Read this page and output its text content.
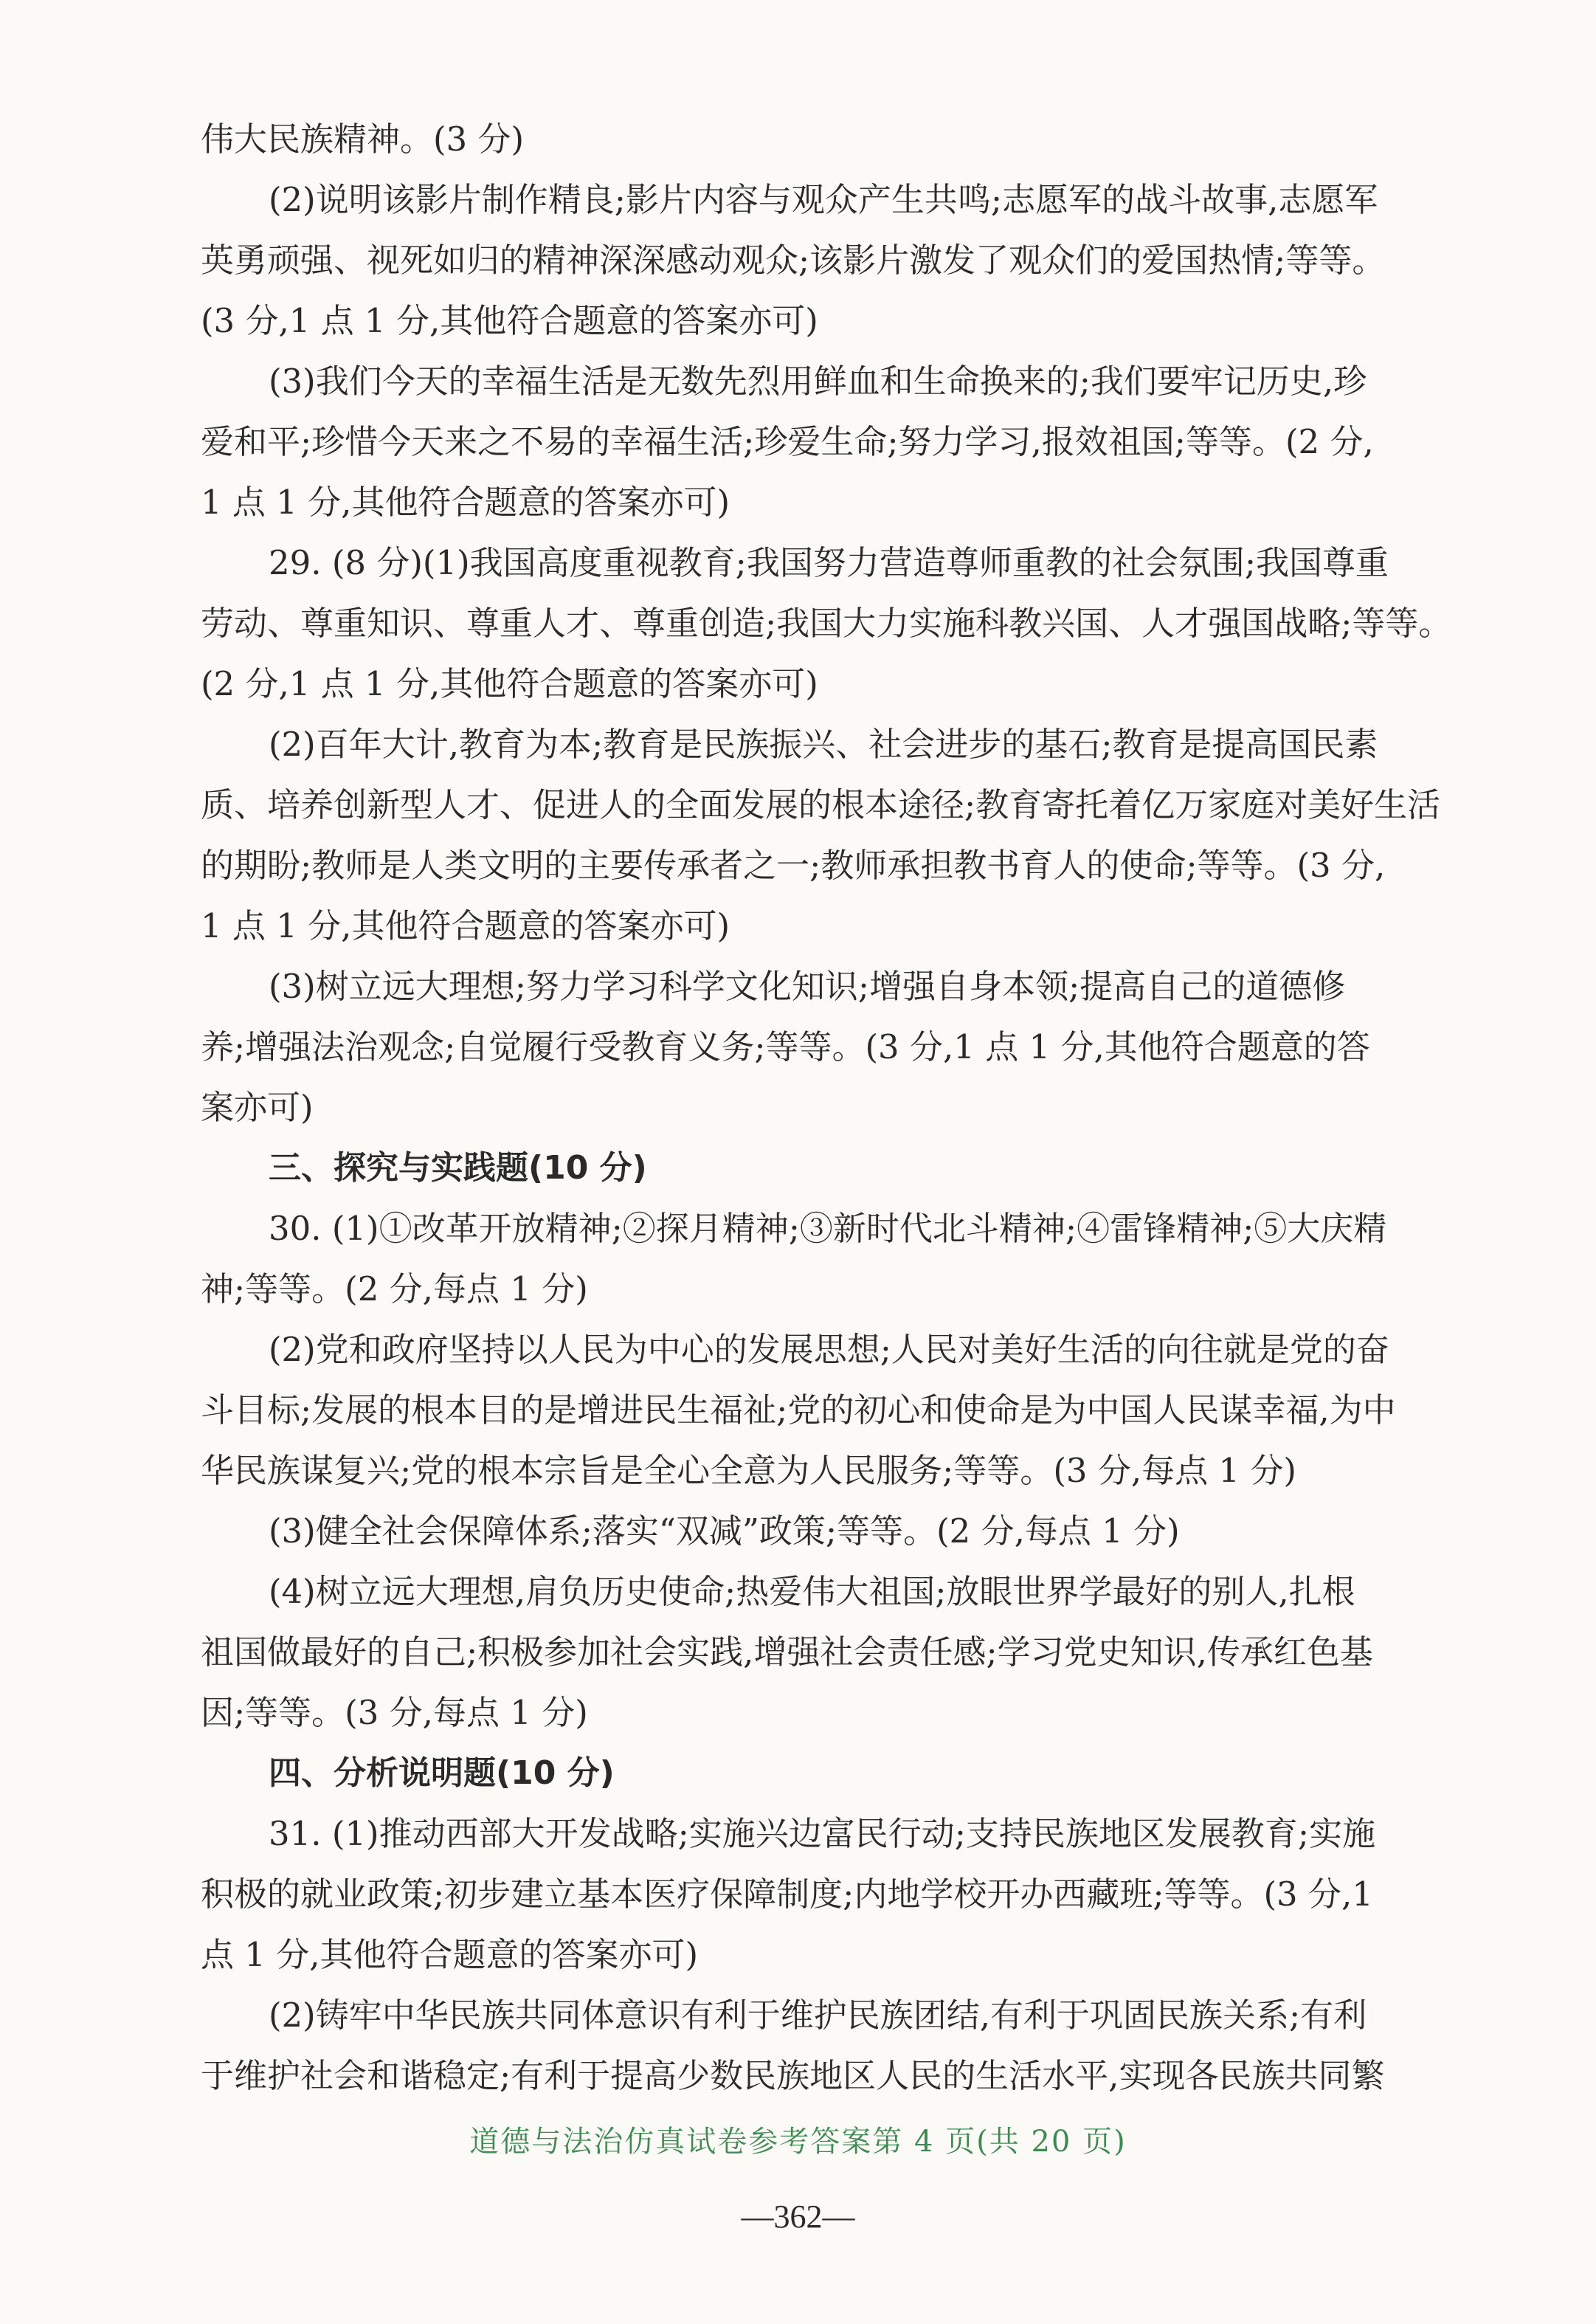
伟大民族精神。(3 分)
(2)说明该影片制作精良;影片内容与观众产生共鸣;志愿军的战斗故事,志愿军
英勇顽强、视死如归的精神深深感动观众;该影片激发了观众们的爱国热情;等等。
(3 分,1 点 1 分,其他符合题意的答案亦可)
(3)我们今天的幸福生活是无数先烈用鲜血和生命换来的;我们要牢记历史,珍
爱和平;珍惜今天来之不易的幸福生活;珍爱生命;努力学习,报效祖国;等等。(2 分,
1 点 1 分,其他符合题意的答案亦可)
29. (8 分)(1)我国高度重视教育;我国努力营造尊师重教的社会氛围;我国尊重
劳动、尊重知识、尊重人才、尊重创造;我国大力实施科教兴国、人才强国战略;等等。
(2 分,1 点 1 分,其他符合题意的答案亦可)
(2)百年大计,教育为本;教育是民族振兴、社会进步的基石;教育是提高国民素
质、培养创新型人才、促进人的全面发展的根本途径;教育寄托着亿万家庭对美好生活
的期盼;教师是人类文明的主要传承者之一;教师承担教书育人的使命;等等。(3 分,
1 点 1 分,其他符合题意的答案亦可)
(3)树立远大理想;努力学习科学文化知识;增强自身本领;提高自己的道德修
养;增强法治观念;自觉履行受教育义务;等等。(3 分,1 点 1 分,其他符合题意的答
案亦可)
三、探究与实践题(10 分)
30. (1)①改革开放精神;②探月精神;③新时代北斗精神;④雷锋精神;⑤大庆精
神;等等。(2 分,每点 1 分)
(2)党和政府坚持以人民为中心的发展思想;人民对美好生活的向往就是党的奋
斗目标;发展的根本目的是增进民生福祉;党的初心和使命是为中国人民谋幸福,为中
华民族谋复兴;党的根本宗旨是全心全意为人民服务;等等。(3 分,每点 1 分)
(3)健全社会保障体系;落实“双减”政策;等等。(2 分,每点 1 分)
(4)树立远大理想,肩负历史使命;热爱伟大祖国;放眼世界学最好的别人,扎根
祖国做最好的自己;积极参加社会实践,增强社会责任感;学习党史知识,传承红色基
因;等等。(3 分,每点 1 分)
四、分析说明题(10 分)
31. (1)推动西部大开发战略;实施兴边富民行动;支持民族地区发展教育;实施
积极的就业政策;初步建立基本医疗保障制度;内地学校开办西藏班;等等。(3 分,1
点 1 分,其他符合题意的答案亦可)
(2)铸牢中华民族共同体意识有利于维护民族团结,有利于巩固民族关系;有利
于维护社会和谐稳定;有利于提高少数民族地区人民的生活水平,实现各民族共同繁
道德与法治仿真试卷参考答案第 4 页(共 20 页)
—362—
